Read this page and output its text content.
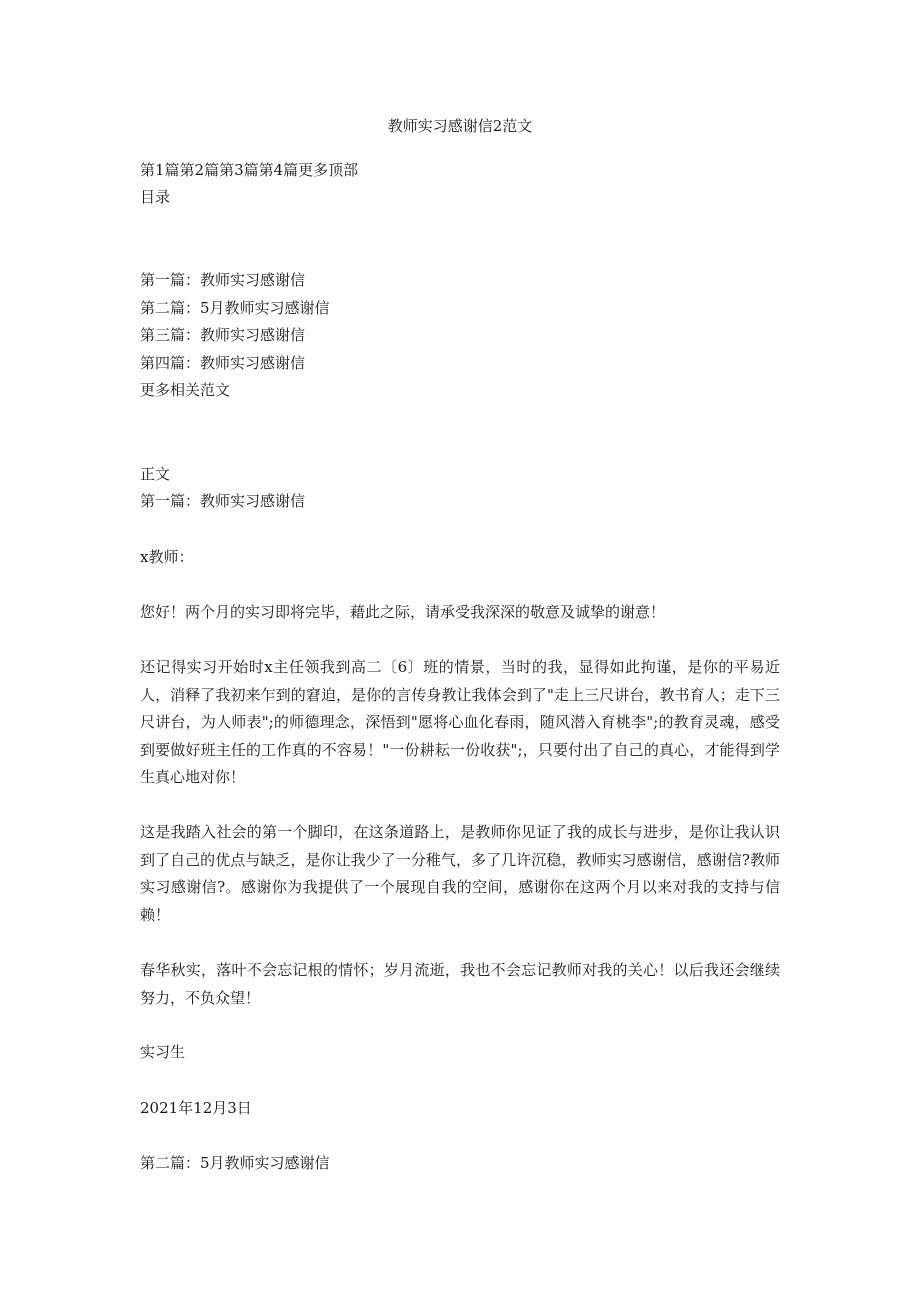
教师实习感谢信2范文
第1篇第2篇第3篇第4篇更多顶部
目录

第一篇：教师实习感谢信

第二篇：5月教师实习感谢信

第三篇：教师实习感谢信

第四篇：教师实习感谢信

更多相关范文

正文
第一篇：教师实习感谢信
x教师：

您好！两个月的实习即将完毕，藉此之际，请承受我深深的敬意及诚挚的谢意！

还记得实习开始时x主任领我到高二〔6〕班的情景，当时的我，显得如此拘谨，是你的平易近人，消释了我初来乍到的窘迫，是你的言传身教让我体会到了"走上三尺讲台，教书育人；走下三尺讲台，为人师表";的师德理念，深悟到"愿将心血化春雨，随风潜入育桃李";的教育灵魂，感受到要做好班主任的工作真的不容易！"一份耕耘一份收获";，只要付出了自己的真心，才能得到学生真心地对你！

这是我踏入社会的第一个脚印，在这条道路上，是教师你见证了我的成长与进步，是你让我认识到了自己的优点与缺乏，是你让我少了一分稚气，多了几许沉稳，教师实习感谢信，感谢信?教师实习感谢信?。感谢你为我提供了一个展现自我的空间，感谢你在这两个月以来对我的支持与信赖！

春华秋实，落叶不会忘记根的情怀；岁月流逝，我也不会忘记教师对我的关心！以后我还会继续努力，不负众望！

实习生
2021年12月3日
第二篇：5月教师实习感谢信
